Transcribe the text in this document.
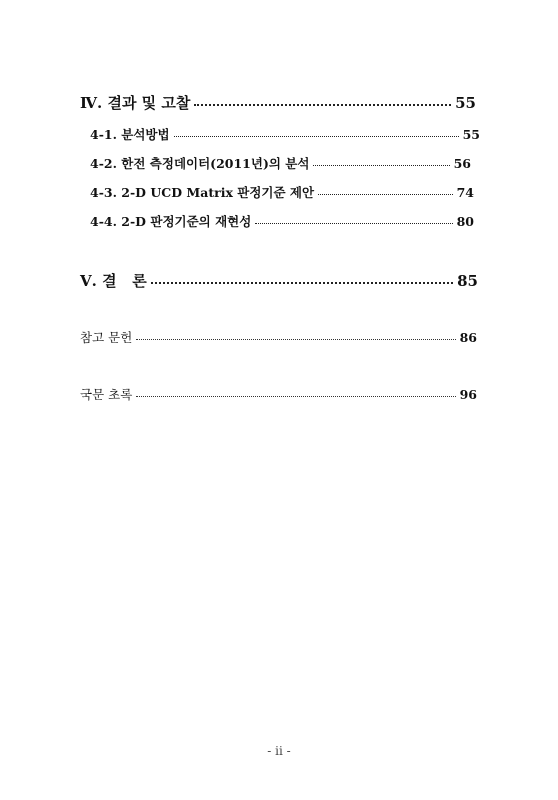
Ⅳ. 결과 및 고찰	55
4-1. 분석방법	55
4-2. 한전 측정데이터(2011년)의 분석	56
4-3. 2-D UCD Matrix 판정기준 제안	74
4-4. 2-D 판정기준의 재현성	80
Ⅴ. 결   론	85
참고 문헌	86
국문 초록	96
- ii -
